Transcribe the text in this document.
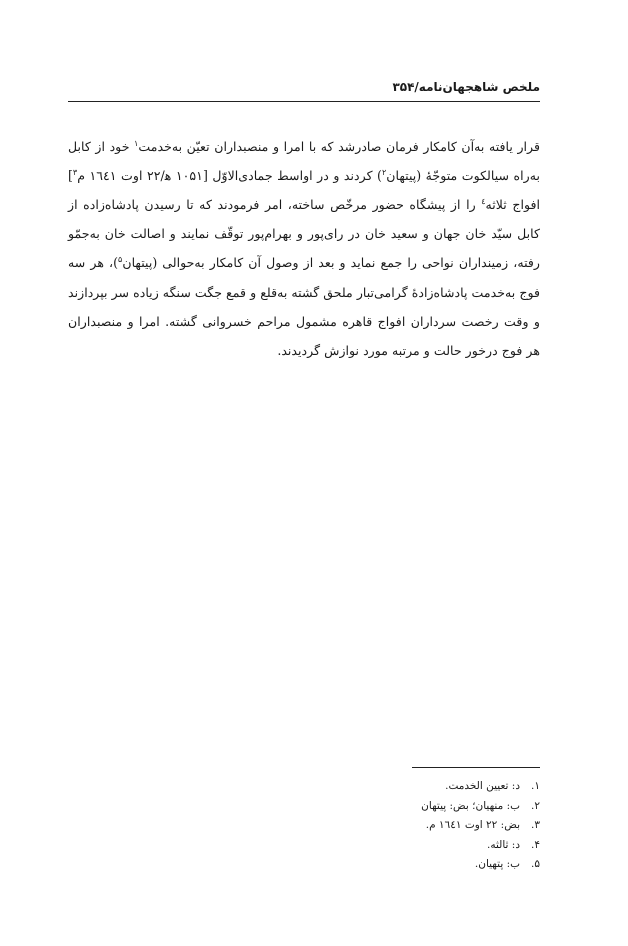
ملخص شاهجهان‌نامه/۳۵۴

قرار یافته به‌آن کامکار فرمان صادرشد که با امرا و منصبداران تعیّن به‌خدمت$^۱$ خود از کابل به‌راه سیالکوت متوجّهٔ (پیتهان$^۲$) کردند و در اواسط جمادی‌الاوّل [۱۰۵۱ ﻫ/۲۲ اوت ۱٦٤۱ م$^۳$] افواج ثلاثه$^٤$ را از پیشگاه حضور مرخّص ساخته، امر فرمودند که تا رسیدن پادشاه‌زاده از کابل سیّد خان جهان و سعید خان در رای‌پور و بهرام‌پور توقّف نمایند و اصالت خان به‌جمّو رفته، زمینداران نواحی را جمع نماید و بعد از وصول آن کامکار به‌حوالی (پیتهان$^۵$)، هر سه فوج به‌خدمت پادشاه‌زادهٔ گرامی‌تبار ملحق گشته به‌قلع و قمع جگت سنگه زیاده سر بپردازند و وقت رخصت سرداران افواج قاهره مشمول مراحم خسروانی گشته. امرا و منصبداران هر فوج درخور حالت و مرتبه مورد نوازش گردیدند.

۱.
د: تعیین الخدمت.
۲.
ب: منهیان؛ بض: پیتهان
۳.
بض: ۲۲ اوت ۱٦٤۱ م.
۴.
د: ثالثه.
۵.
ب: پتهیان.
